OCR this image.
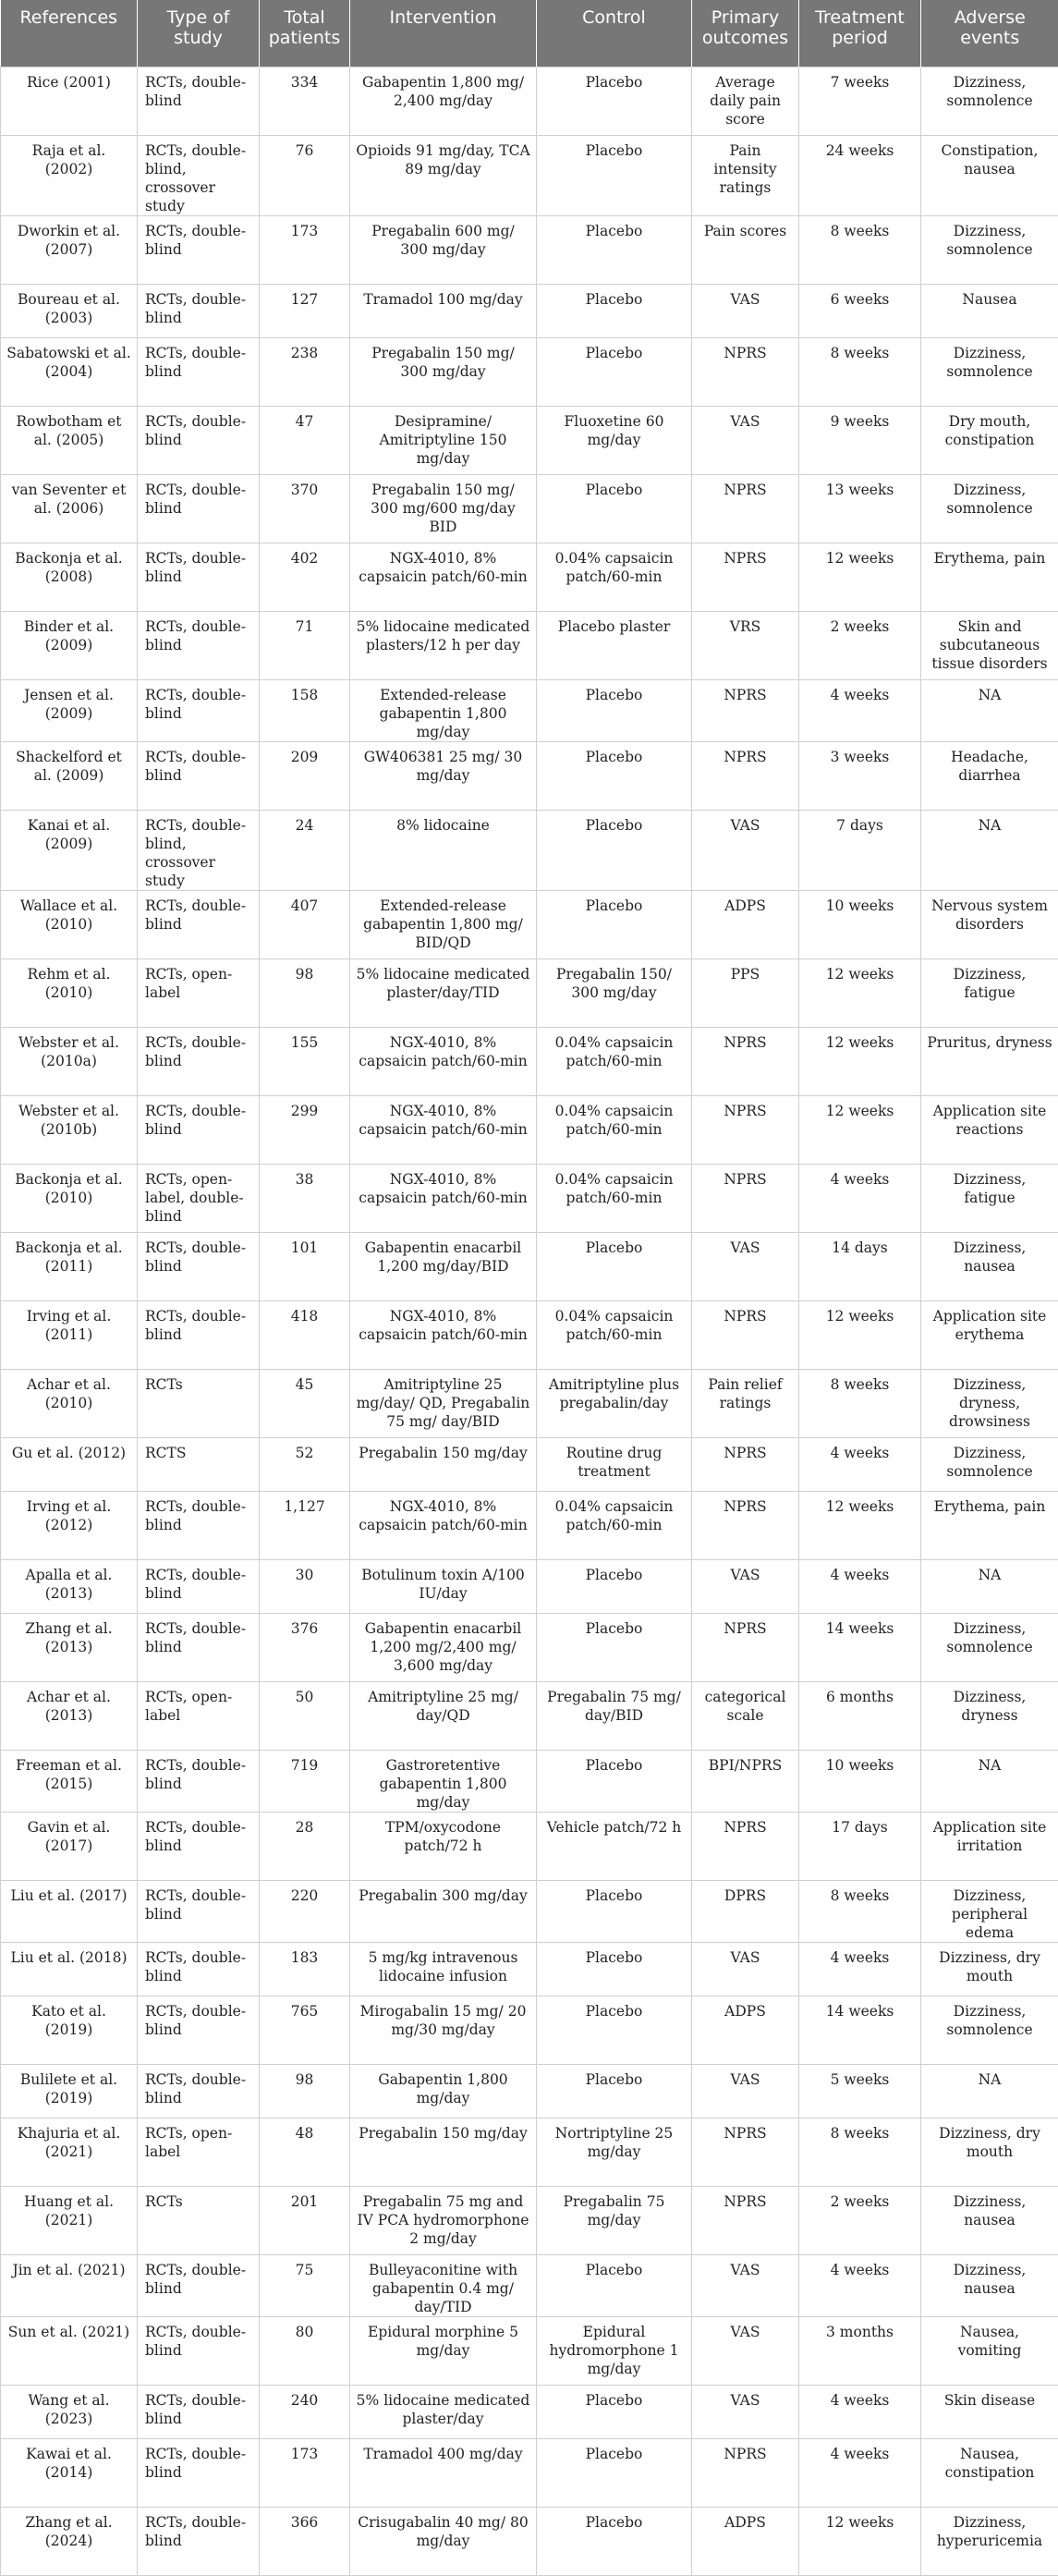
References	Type of study	Total patients	Intervention	Control	Primary outcomes	Treatment period	Adverse events
Rice (2001)	RCTs, double-blind	334	Gabapentin 1,800 mg/ 2,400 mg/day	Placebo	Average daily pain score	7 weeks	Dizziness, somnolence
Raja et al. (2002)	RCTs, double-blind, crossover study	76	Opioids 91 mg/day, TCA 89 mg/day	Placebo	Pain intensity ratings	24 weeks	Constipation, nausea
Dworkin et al. (2007)	RCTs, double-blind	173	Pregabalin 600 mg/ 300 mg/day	Placebo	Pain scores	8 weeks	Dizziness, somnolence
Boureau et al. (2003)	RCTs, double-blind	127	Tramadol 100 mg/day	Placebo	VAS	6 weeks	Nausea
Sabatowski et al. (2004)	RCTs, double-blind	238	Pregabalin 150 mg/ 300 mg/day	Placebo	NPRS	8 weeks	Dizziness, somnolence
Rowbotham et al. (2005)	RCTs, double-blind	47	Desipramine/ Amitriptyline 150 mg/day	Fluoxetine 60 mg/day	VAS	9 weeks	Dry mouth, constipation
van Seventer et al. (2006)	RCTs, double-blind	370	Pregabalin 150 mg/ 300 mg/600 mg/day BID	Placebo	NPRS	13 weeks	Dizziness, somnolence
Backonja et al. (2008)	RCTs, double-blind	402	NGX-4010, 8% capsaicin patch/60-min	0.04% capsaicin patch/60-min	NPRS	12 weeks	Erythema, pain
Binder et al. (2009)	RCTs, double-blind	71	5% lidocaine medicated plasters/12 h per day	Placebo plaster	VRS	2 weeks	Skin and subcutaneous tissue disorders
Jensen et al. (2009)	RCTs, double-blind	158	Extended-release gabapentin 1,800 mg/day	Placebo	NPRS	4 weeks	NA
Shackelford et al. (2009)	RCTs, double-blind	209	GW406381 25 mg/ 30 mg/day	Placebo	NPRS	3 weeks	Headache, diarrhea
Kanai et al. (2009)	RCTs, double-blind, crossover study	24	8% lidocaine	Placebo	VAS	7 days	NA
Wallace et al. (2010)	RCTs, double-blind	407	Extended-release gabapentin 1,800 mg/ BID/QD	Placebo	ADPS	10 weeks	Nervous system disorders
Rehm et al. (2010)	RCTs, open-label	98	5% lidocaine medicated plaster/day/TID	Pregabalin 150/ 300 mg/day	PPS	12 weeks	Dizziness, fatigue
Webster et al. (2010a)	RCTs, double-blind	155	NGX-4010, 8% capsaicin patch/60-min	0.04% capsaicin patch/60-min	NPRS	12 weeks	Pruritus, dryness
Webster et al. (2010b)	RCTs, double-blind	299	NGX-4010, 8% capsaicin patch/60-min	0.04% capsaicin patch/60-min	NPRS	12 weeks	Application site reactions
Backonja et al. (2010)	RCTs, open-label, double-blind	38	NGX-4010, 8% capsaicin patch/60-min	0.04% capsaicin patch/60-min	NPRS	4 weeks	Dizziness, fatigue
Backonja et al. (2011)	RCTs, double-blind	101	Gabapentin enacarbil 1,200 mg/day/BID	Placebo	VAS	14 days	Dizziness, nausea
Irving et al. (2011)	RCTs, double-blind	418	NGX-4010, 8% capsaicin patch/60-min	0.04% capsaicin patch/60-min	NPRS	12 weeks	Application site erythema
Achar et al. (2010)	RCTs	45	Amitriptyline 25 mg/day/ QD, Pregabalin 75 mg/ day/BID	Amitriptyline plus pregabalin/day	Pain relief ratings	8 weeks	Dizziness, dryness, drowsiness
Gu et al. (2012)	RCTS	52	Pregabalin 150 mg/day	Routine drug treatment	NPRS	4 weeks	Dizziness, somnolence
Irving et al. (2012)	RCTs, double-blind	1,127	NGX-4010, 8% capsaicin patch/60-min	0.04% capsaicin patch/60-min	NPRS	12 weeks	Erythema, pain
Apalla et al. (2013)	RCTs, double-blind	30	Botulinum toxin A/100 IU/day	Placebo	VAS	4 weeks	NA
Zhang et al. (2013)	RCTs, double-blind	376	Gabapentin enacarbil 1,200 mg/2,400 mg/ 3,600 mg/day	Placebo	NPRS	14 weeks	Dizziness, somnolence
Achar et al. (2013)	RCTs, open-label	50	Amitriptyline 25 mg/ day/QD	Pregabalin 75 mg/ day/BID	categorical scale	6 months	Dizziness, dryness
Freeman et al. (2015)	RCTs, double-blind	719	Gastroretentive gabapentin 1,800 mg/day	Placebo	BPI/NPRS	10 weeks	NA
Gavin et al. (2017)	RCTs, double-blind	28	TPM/oxycodone patch/72 h	Vehicle patch/72 h	NPRS	17 days	Application site irritation
Liu et al. (2017)	RCTs, double-blind	220	Pregabalin 300 mg/day	Placebo	DPRS	8 weeks	Dizziness, peripheral edema
Liu et al. (2018)	RCTs, double-blind	183	5 mg/kg intravenous lidocaine infusion	Placebo	VAS	4 weeks	Dizziness, dry mouth
Kato et al. (2019)	RCTs, double-blind	765	Mirogabalin 15 mg/ 20 mg/30 mg/day	Placebo	ADPS	14 weeks	Dizziness, somnolence
Bulilete et al. (2019)	RCTs, double-blind	98	Gabapentin 1,800 mg/day	Placebo	VAS	5 weeks	NA
Khajuria et al. (2021)	RCTs, open-label	48	Pregabalin 150 mg/day	Nortriptyline 25 mg/day	NPRS	8 weeks	Dizziness, dry mouth
Huang et al. (2021)	RCTs	201	Pregabalin 75 mg and IV PCA hydromorphone 2 mg/day	Pregabalin 75 mg/day	NPRS	2 weeks	Dizziness, nausea
Jin et al. (2021)	RCTs, double-blind	75	Bulleyaconitine with gabapentin 0.4 mg/ day/TID	Placebo	VAS	4 weeks	Dizziness, nausea
Sun et al. (2021)	RCTs, double-blind	80	Epidural morphine 5 mg/day	Epidural hydromorphone 1 mg/day	VAS	3 months	Nausea, vomiting
Wang et al. (2023)	RCTs, double-blind	240	5% lidocaine medicated plaster/day	Placebo	VAS	4 weeks	Skin disease
Kawai et al. (2014)	RCTs, double-blind	173	Tramadol 400 mg/day	Placebo	NPRS	4 weeks	Nausea, constipation
Zhang et al. (2024)	RCTs, double-blind	366	Crisugabalin 40 mg/ 80 mg/day	Placebo	ADPS	12 weeks	Dizziness, hyperuricemia
